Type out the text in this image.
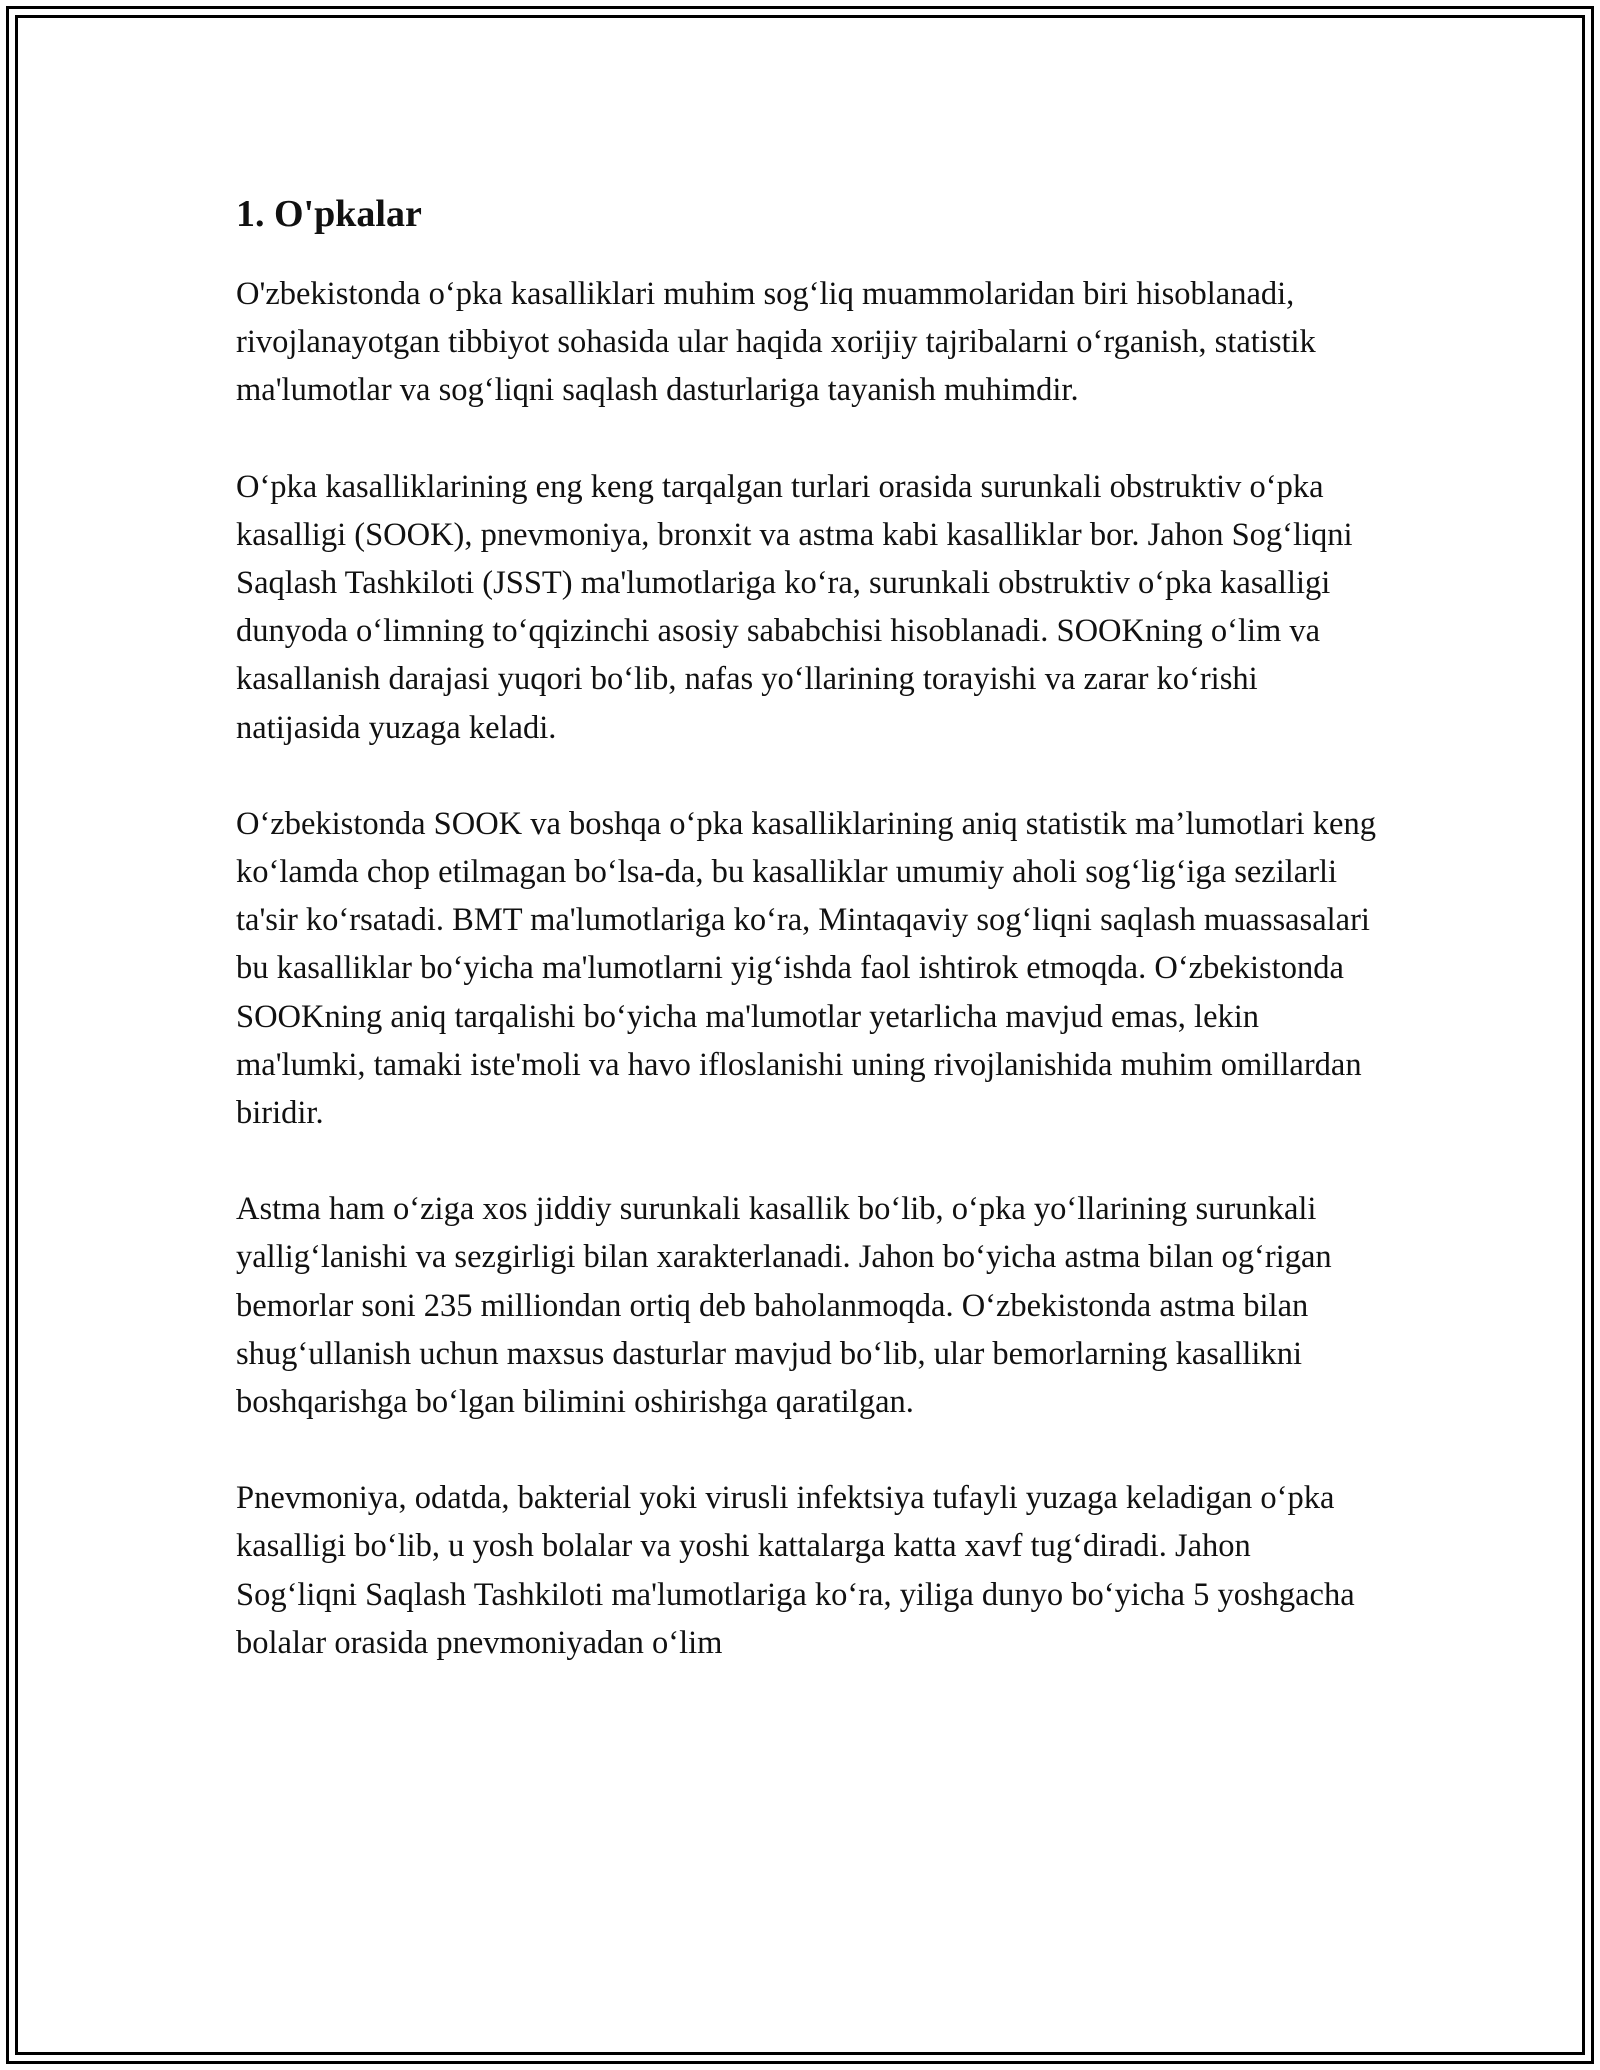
1. O'pkalar

O'zbekistonda o‘pka kasalliklari muhim sog‘liq muammolaridan biri hisoblanadi, rivojlanayotgan tibbiyot sohasida ular haqida xorijiy tajribalarni o‘rganish, statistik ma'lumotlar va sog‘liqni saqlash dasturlariga tayanish muhimdir.

O‘pka kasalliklarining eng keng tarqalgan turlari orasida surunkali obstruktiv o‘pka kasalligi (SOOK), pnevmoniya, bronxit va astma kabi kasalliklar bor. Jahon Sog‘liqni Saqlash Tashkiloti (JSST) ma'lumotlariga ko‘ra, surunkali obstruktiv o‘pka kasalligi dunyoda o‘limning to‘qqizinchi asosiy sababchisi hisoblanadi. SOOKning o‘lim va kasallanish darajasi yuqori bo‘lib, nafas yo‘llarining torayishi va zarar ko‘rishi natijasida yuzaga keladi.

O‘zbekistonda SOOK va boshqa o‘pka kasalliklarining aniq statistik ma’lumotlari keng ko‘lamda chop etilmagan bo‘lsa-da, bu kasalliklar umumiy aholi sog‘lig‘iga sezilarli ta'sir ko‘rsatadi. BMT ma'lumotlariga ko‘ra, Mintaqaviy sog‘liqni saqlash muassasalari bu kasalliklar bo‘yicha ma'lumotlarni yig‘ishda faol ishtirok etmoqda. O‘zbekistonda SOOKning aniq tarqalishi bo‘yicha ma'lumotlar yetarlicha mavjud emas, lekin ma'lumki, tamaki iste'moli va havo ifloslanishi uning rivojlanishida muhim omillardan biridir.

Astma ham o‘ziga xos jiddiy surunkali kasallik bo‘lib, o‘pka yo‘llarining surunkali yallig‘lanishi va sezgirligi bilan xarakterlanadi. Jahon bo‘yicha astma bilan og‘rigan bemorlar soni 235 milliondan ortiq deb baholanmoqda. O‘zbekistonda astma bilan shug‘ullanish uchun maxsus dasturlar mavjud bo‘lib, ular bemorlarning kasallikni boshqarishga bo‘lgan bilimini oshirishga qaratilgan.

Pnevmoniya, odatda, bakterial yoki virusli infektsiya tufayli yuzaga keladigan o‘pka kasalligi bo‘lib, u yosh bolalar va yoshi kattalarga katta xavf tug‘diradi. Jahon Sog‘liqni Saqlash Tashkiloti ma'lumotlariga ko‘ra, yiliga dunyo bo‘yicha 5 yoshgacha bolalar orasida pnevmoniyadan o‘lim
